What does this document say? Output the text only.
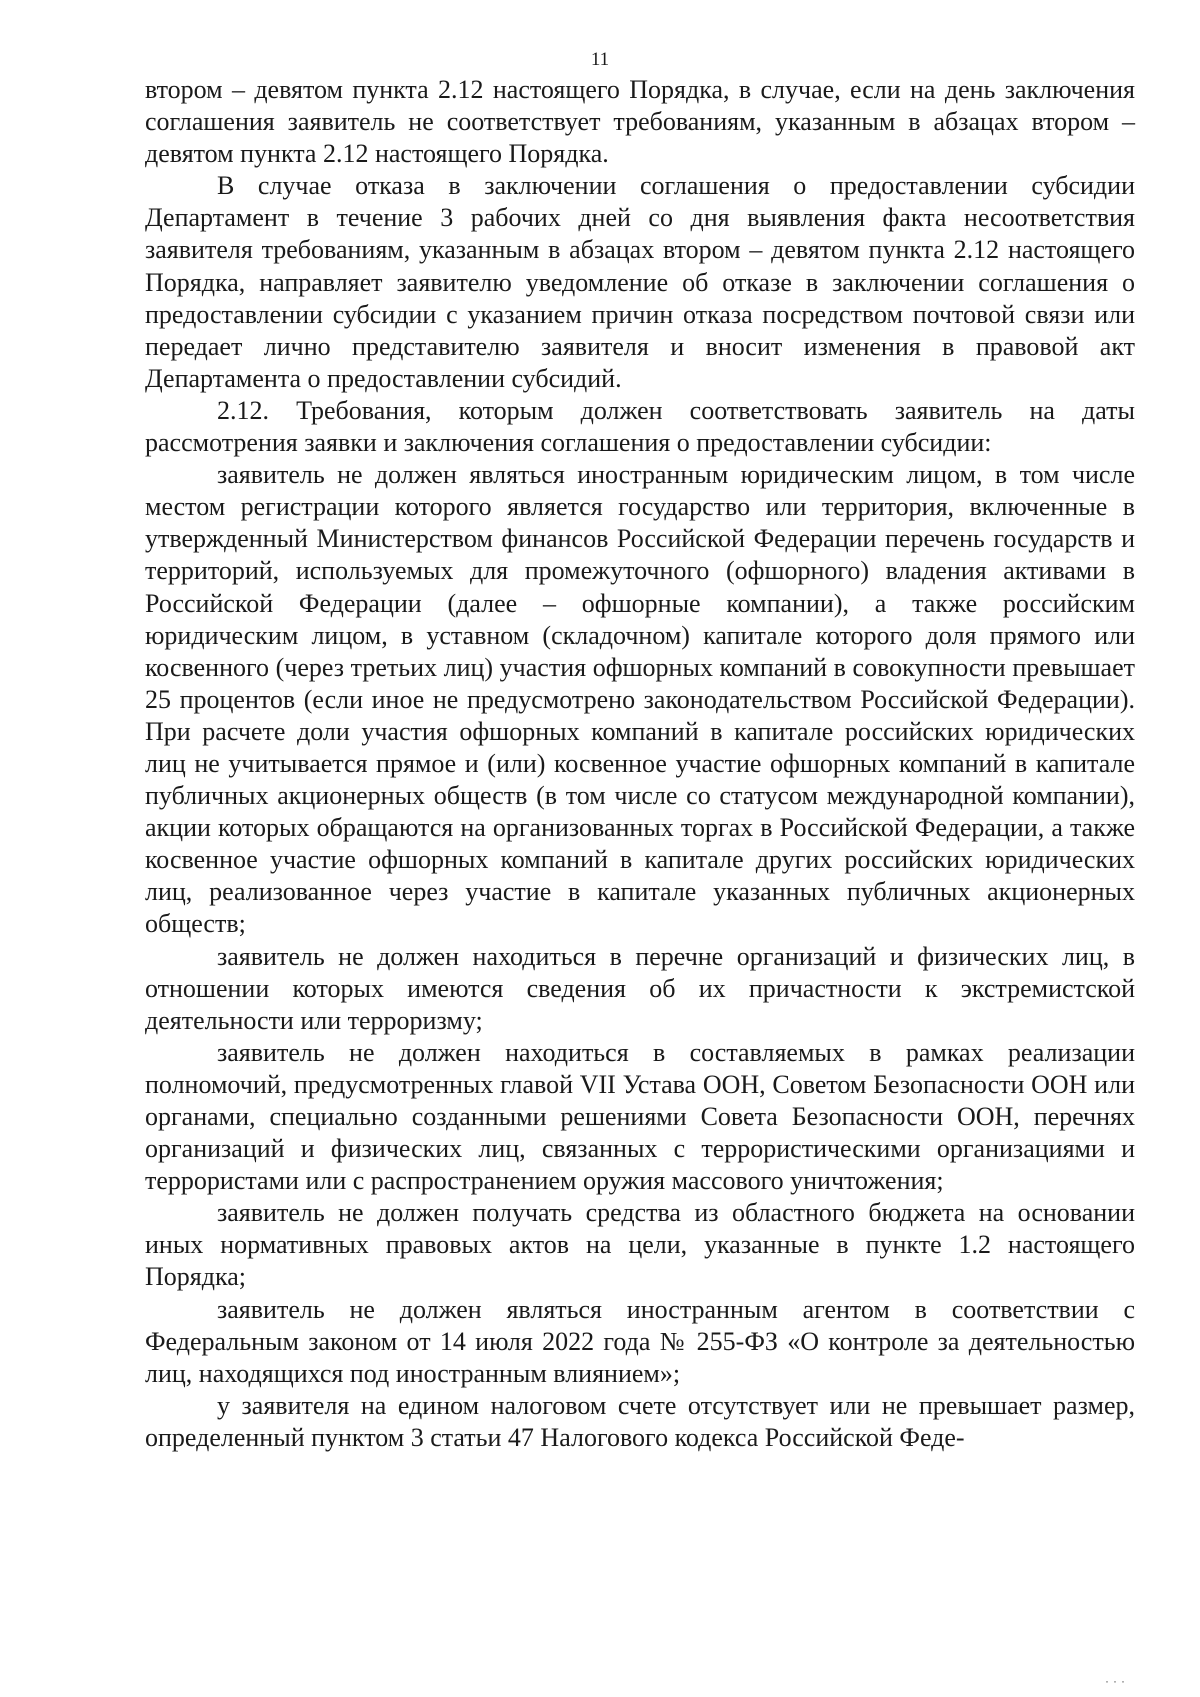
11

втором – девятом пункта 2.12 настоящего Порядка, в случае, если на день заключения соглашения заявитель не соответствует требованиям, указанным в абзацах втором – девятом пункта 2.12 настоящего Порядка.

В случае отказа в заключении соглашения о предоставлении субсидии Департамент в течение 3 рабочих дней со дня выявления факта несоответствия заявителя требованиям, указанным в абзацах втором – девятом пункта 2.12 настоящего Порядка, направляет заявителю уведомление об отказе в заключении соглашения о предоставлении субсидии с указанием причин отказа посредством почтовой связи или передает лично представителю заявителя и вносит изменения в правовой акт Департамента о предоставлении субсидий.

2.12. Требования, которым должен соответствовать заявитель на даты рассмотрения заявки и заключения соглашения о предоставлении субсидии:

заявитель не должен являться иностранным юридическим лицом, в том числе местом регистрации которого является государство или территория, включенные в утвержденный Министерством финансов Российской Федерации перечень государств и территорий, используемых для промежуточного (офшорного) владения активами в Российской Федерации (далее – офшорные компании), а также российским юридическим лицом, в уставном (складочном) капитале которого доля прямого или косвенного (через третьих лиц) участия офшорных компаний в совокупности превышает 25 процентов (если иное не предусмотрено законодательством Российской Федерации). При расчете доли участия офшорных компаний в капитале российских юридических лиц не учитывается прямое и (или) косвенное участие офшорных компаний в капитале публичных акционерных обществ (в том числе со статусом международной компании), акции которых обращаются на организованных торгах в Российской Федерации, а также косвенное участие офшорных компаний в капитале других российских юридических лиц, реализованное через участие в капитале указанных публичных акционерных обществ;

заявитель не должен находиться в перечне организаций и физических лиц, в отношении которых имеются сведения об их причастности к экстремистской деятельности или терроризму;

заявитель не должен находиться в составляемых в рамках реализации полномочий, предусмотренных главой VII Устава ООН, Советом Безопасности ООН или органами, специально созданными решениями Совета Безопасности ООН, перечнях организаций и физических лиц, связанных с террористическими организациями и террористами или с распространением оружия массового уничтожения;

заявитель не должен получать средства из областного бюджета на основании иных нормативных правовых актов на цели, указанные в пункте 1.2 настоящего Порядка;

заявитель не должен являться иностранным агентом в соответствии с Федеральным законом от 14 июля 2022 года № 255-ФЗ «О контроле за деятельностью лиц, находящихся под иностранным влиянием»;

у заявителя на едином налоговом счете отсутствует или не превышает размер, определенный пунктом 3 статьи 47 Налогового кодекса Российской Феде-

···
